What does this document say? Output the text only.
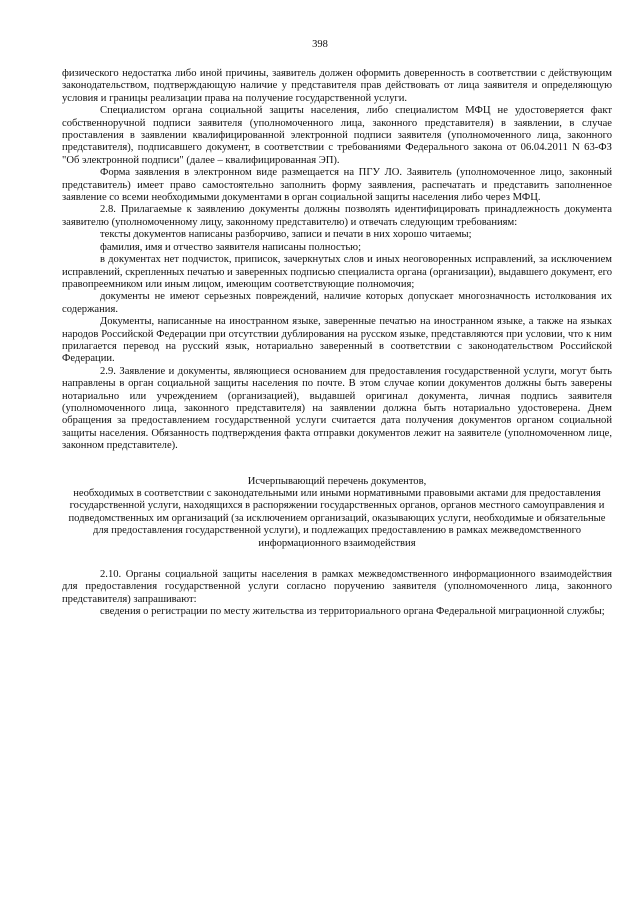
398

физического недостатка либо иной причины, заявитель должен оформить доверенность в соответствии с действующим законодательством, подтверждающую наличие у представителя прав действовать от лица заявителя и определяющую условия и границы реализации права на получение государственной услуги.

Специалистом органа социальной защиты населения, либо специалистом МФЦ не удостоверяется факт собственноручной подписи заявителя (уполномоченного лица, законного представителя) в заявлении, в случае проставления в заявлении квалифицированной электронной подписи заявителя (уполномоченного лица, законного представителя), подписавшего документ, в соответствии с требованиями Федерального закона от 06.04.2011 N 63-ФЗ "Об электронной подписи" (далее – квалифицированная ЭП).

Форма заявления в электронном виде размещается на ПГУ ЛО. Заявитель (уполномоченное лицо, законный представитель) имеет право самостоятельно заполнить форму заявления, распечатать и представить заполненное заявление со всеми необходимыми документами в орган социальной защиты населения либо через МФЦ.

2.8. Прилагаемые к заявлению документы должны позволять идентифицировать принадлежность документа заявителю (уполномоченному лицу, законному представителю) и отвечать следующим требованиям:

тексты документов написаны разборчиво, записи и печати в них хорошо читаемы;

фамилия, имя и отчество заявителя написаны полностью;

в документах нет подчисток, приписок, зачеркнутых слов и иных неоговоренных исправлений, за исключением исправлений, скрепленных печатью и заверенных подписью специалиста органа (организации), выдавшего документ, его правопреемником или иным лицом, имеющим соответствующие полномочия;

документы не имеют серьезных повреждений, наличие которых допускает многозначность истолкования их содержания.

Документы, написанные на иностранном языке, заверенные печатью на иностранном языке, а также на языках народов Российской Федерации при отсутствии дублирования на русском языке, представляются при условии, что к ним прилагается перевод на русский язык, нотариально заверенный в соответствии с законодательством Российской Федерации.

2.9. Заявление и документы, являющиеся основанием для предоставления государственной услуги, могут быть направлены в орган социальной защиты населения по почте. В этом случае копии документов должны быть заверены нотариально или учреждением (организацией), выдавшей оригинал документа, личная подпись заявителя (уполномоченного лица, законного представителя) на заявлении должна быть нотариально удостоверена. Днем обращения за предоставлением государственной услуги считается дата получения документов органом социальной защиты населения. Обязанность подтверждения факта отправки документов лежит на заявителе (уполномоченном лице, законном представителе).

Исчерпывающий перечень документов,
необходимых в соответствии с законодательными или иными нормативными правовыми актами для предоставления государственной услуги, находящихся в распоряжении государственных органов, органов местного самоуправления и подведомственных им организаций (за исключением организаций, оказывающих услуги, необходимые и обязательные для предоставления государственной услуги), и подлежащих предоставлению в рамках межведомственного информационного взаимодействия

2.10. Органы социальной защиты населения в рамках межведомственного информационного взаимодействия для предоставления государственной услуги согласно поручению заявителя (уполномоченного лица, законного представителя) запрашивают:

сведения о регистрации по месту жительства из территориального органа Федеральной миграционной службы;
